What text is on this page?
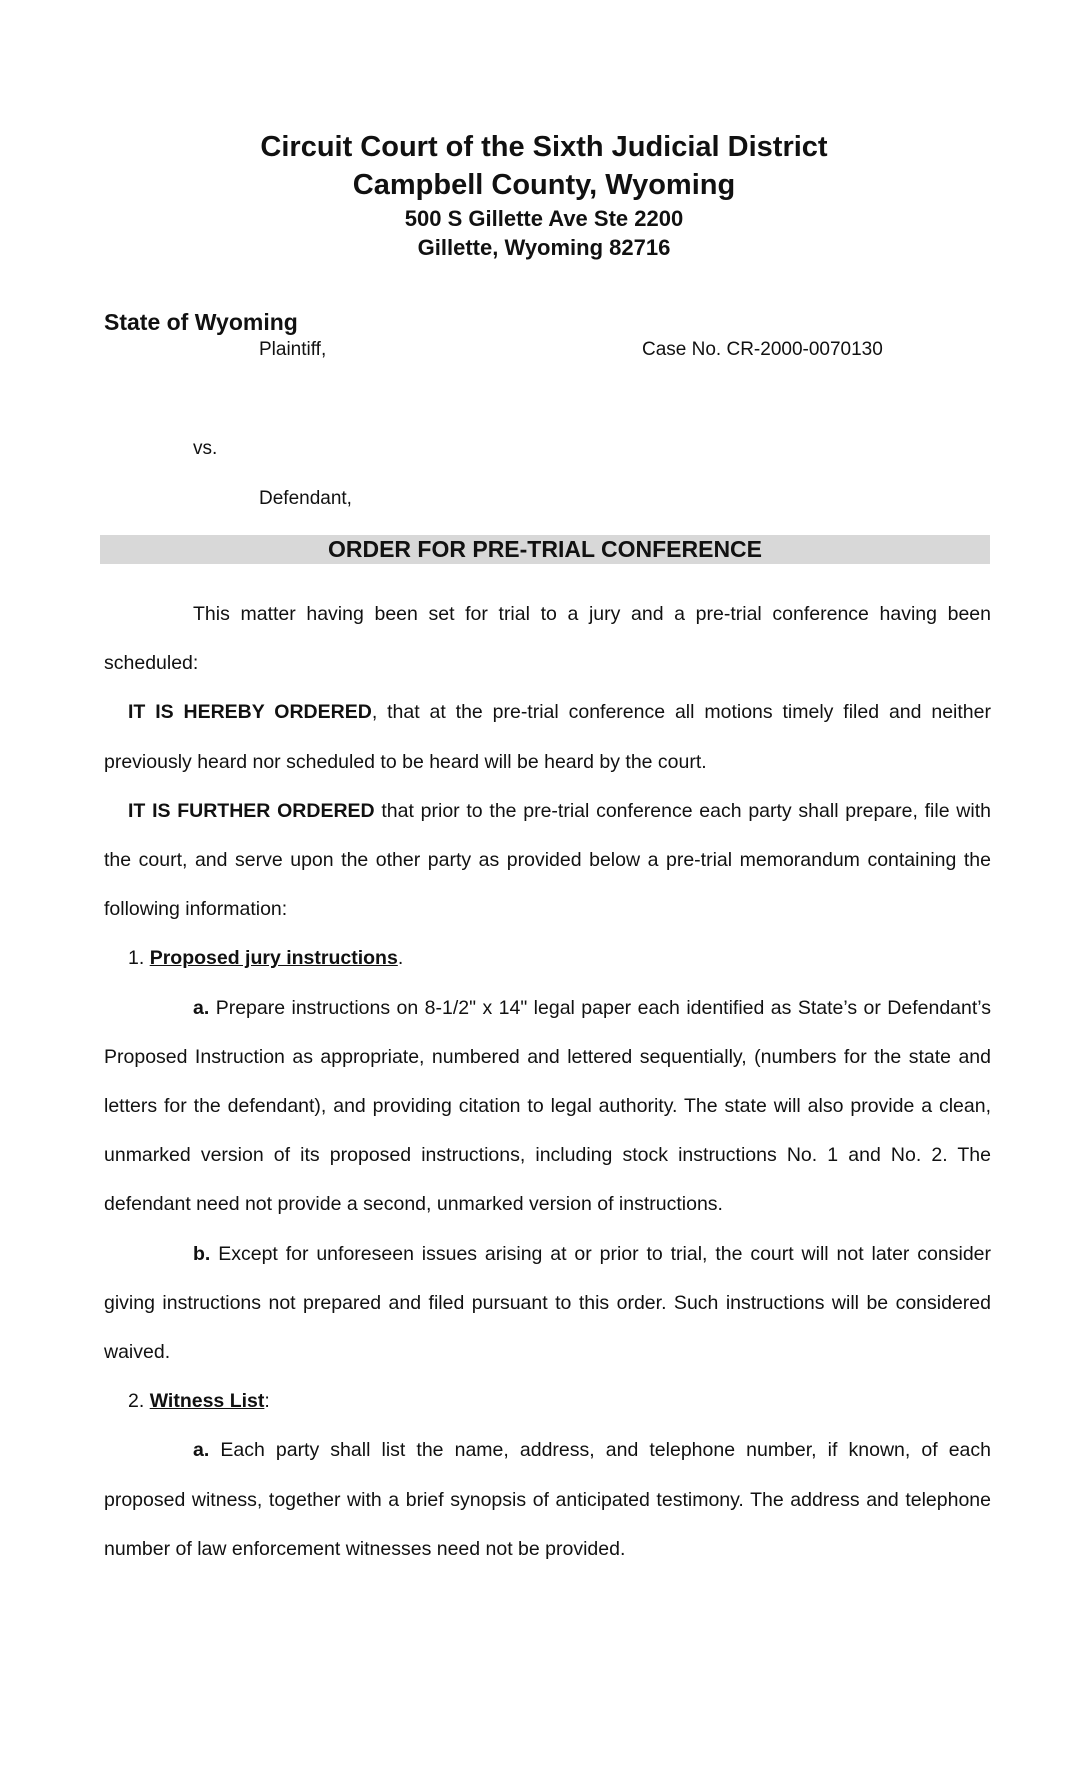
Circuit Court of the Sixth Judicial District
Campbell County, Wyoming
500 S Gillette Ave Ste 2200
Gillette, Wyoming 82716
State of Wyoming
Plaintiff,	Case No. CR-2000-0070130
vs.
Defendant,
ORDER FOR PRE-TRIAL CONFERENCE

This matter having been set for trial to a jury and a pre-trial conference having been scheduled:

IT IS HEREBY ORDERED, that at the pre-trial conference all motions timely filed and neither previously heard nor scheduled to be heard will be heard by the court.

IT IS FURTHER ORDERED that prior to the pre-trial conference each party shall prepare, file with the court, and serve upon the other party as provided below a pre-trial memorandum containing the following information:

1. Proposed jury instructions.

a. Prepare instructions on 8-1/2" x 14" legal paper each identified as State’s or Defendant’s Proposed Instruction as appropriate, numbered and lettered sequentially, (numbers for the state and letters for the defendant), and providing citation to legal authority. The state will also provide a clean, unmarked version of its proposed instructions, including stock instructions No. 1 and No. 2. The defendant need not provide a second, unmarked version of instructions.

b. Except for unforeseen issues arising at or prior to trial, the court will not later consider giving instructions not prepared and filed pursuant to this order. Such instructions will be considered waived.

2. Witness List:

a. Each party shall list the name, address, and telephone number, if known, of each proposed witness, together with a brief synopsis of anticipated testimony. The address and telephone number of law enforcement witnesses need not be provided.
